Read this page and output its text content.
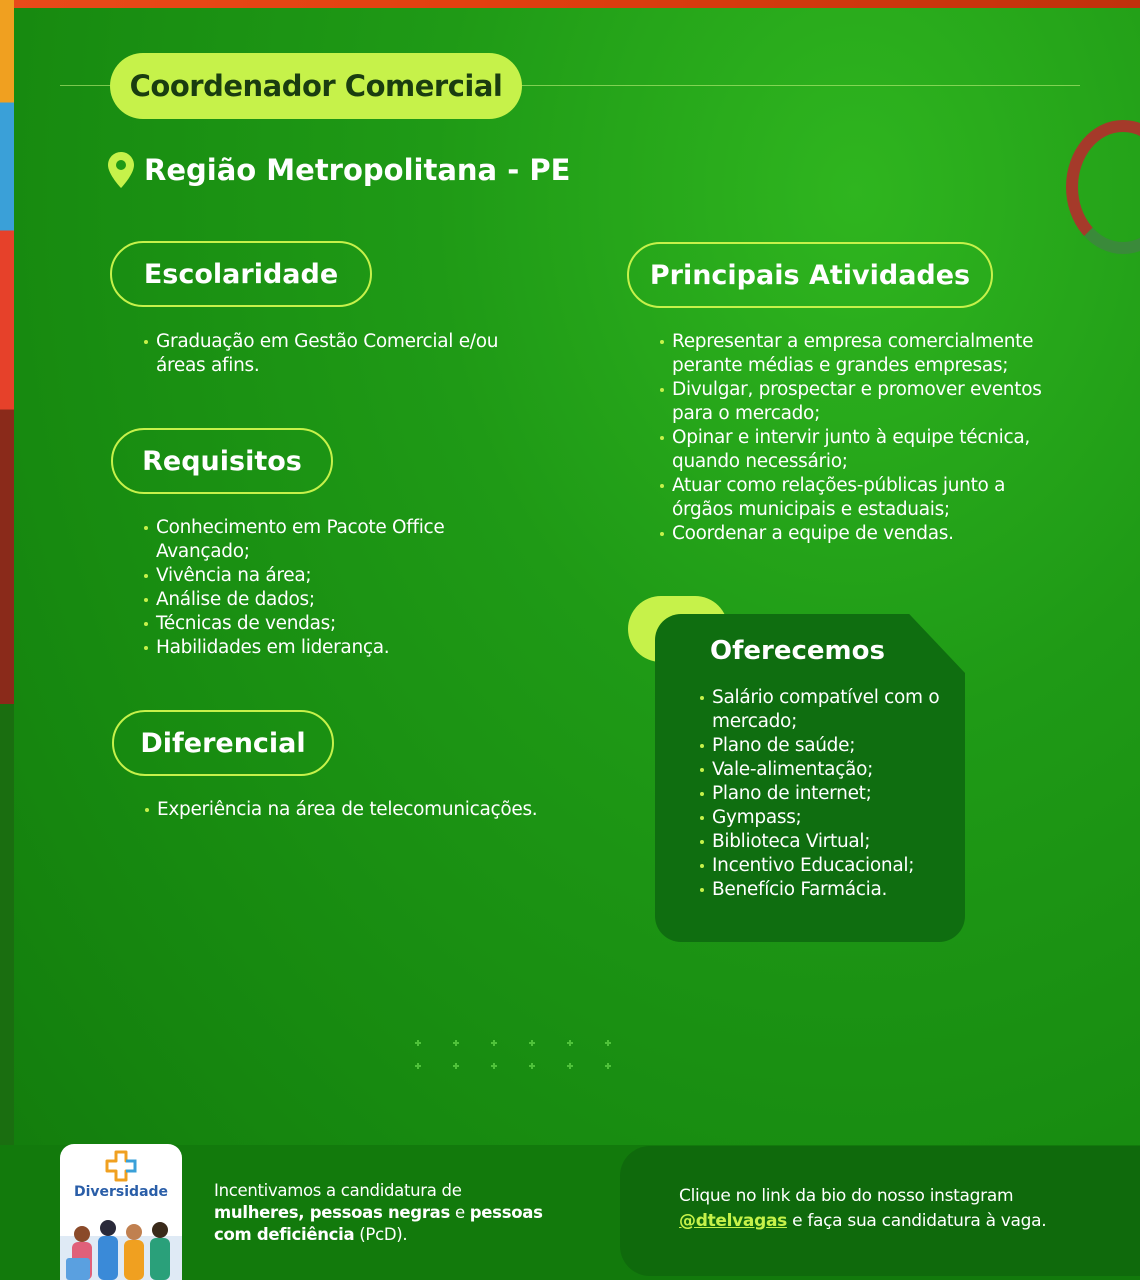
Coordenador Comercial
Região Metropolitana - PE
Escolaridade
Graduação em Gestão Comercial e/ou áreas afins.
Requisitos
Conhecimento em Pacote Office Avançado;
Vivência na área;
Análise de dados;
Técnicas de vendas;
Habilidades em liderança.
Diferencial
Experiência na área de telecomunicações.
Principais Atividades
Representar a empresa comercialmente perante médias e grandes empresas;
Divulgar, prospectar e promover eventos para o mercado;
Opinar e intervir junto à equipe técnica, quando necessário;
Atuar como relações-públicas junto a órgãos municipais e estaduais;
Coordenar a equipe de vendas.
Oferecemos
Salário compatível com o mercado;
Plano de saúde;
Vale-alimentação;
Plano de internet;
Gympass;
Biblioteca Virtual;
Incentivo Educacional;
Benefício Farmácia.
Diversidade	Incentivamos a candidatura de
mulheres, pessoas negras e pessoas com deficiência (PcD).
Clique no link da bio do nosso instagram
@dtelvagas e faça sua candidatura à vaga.
